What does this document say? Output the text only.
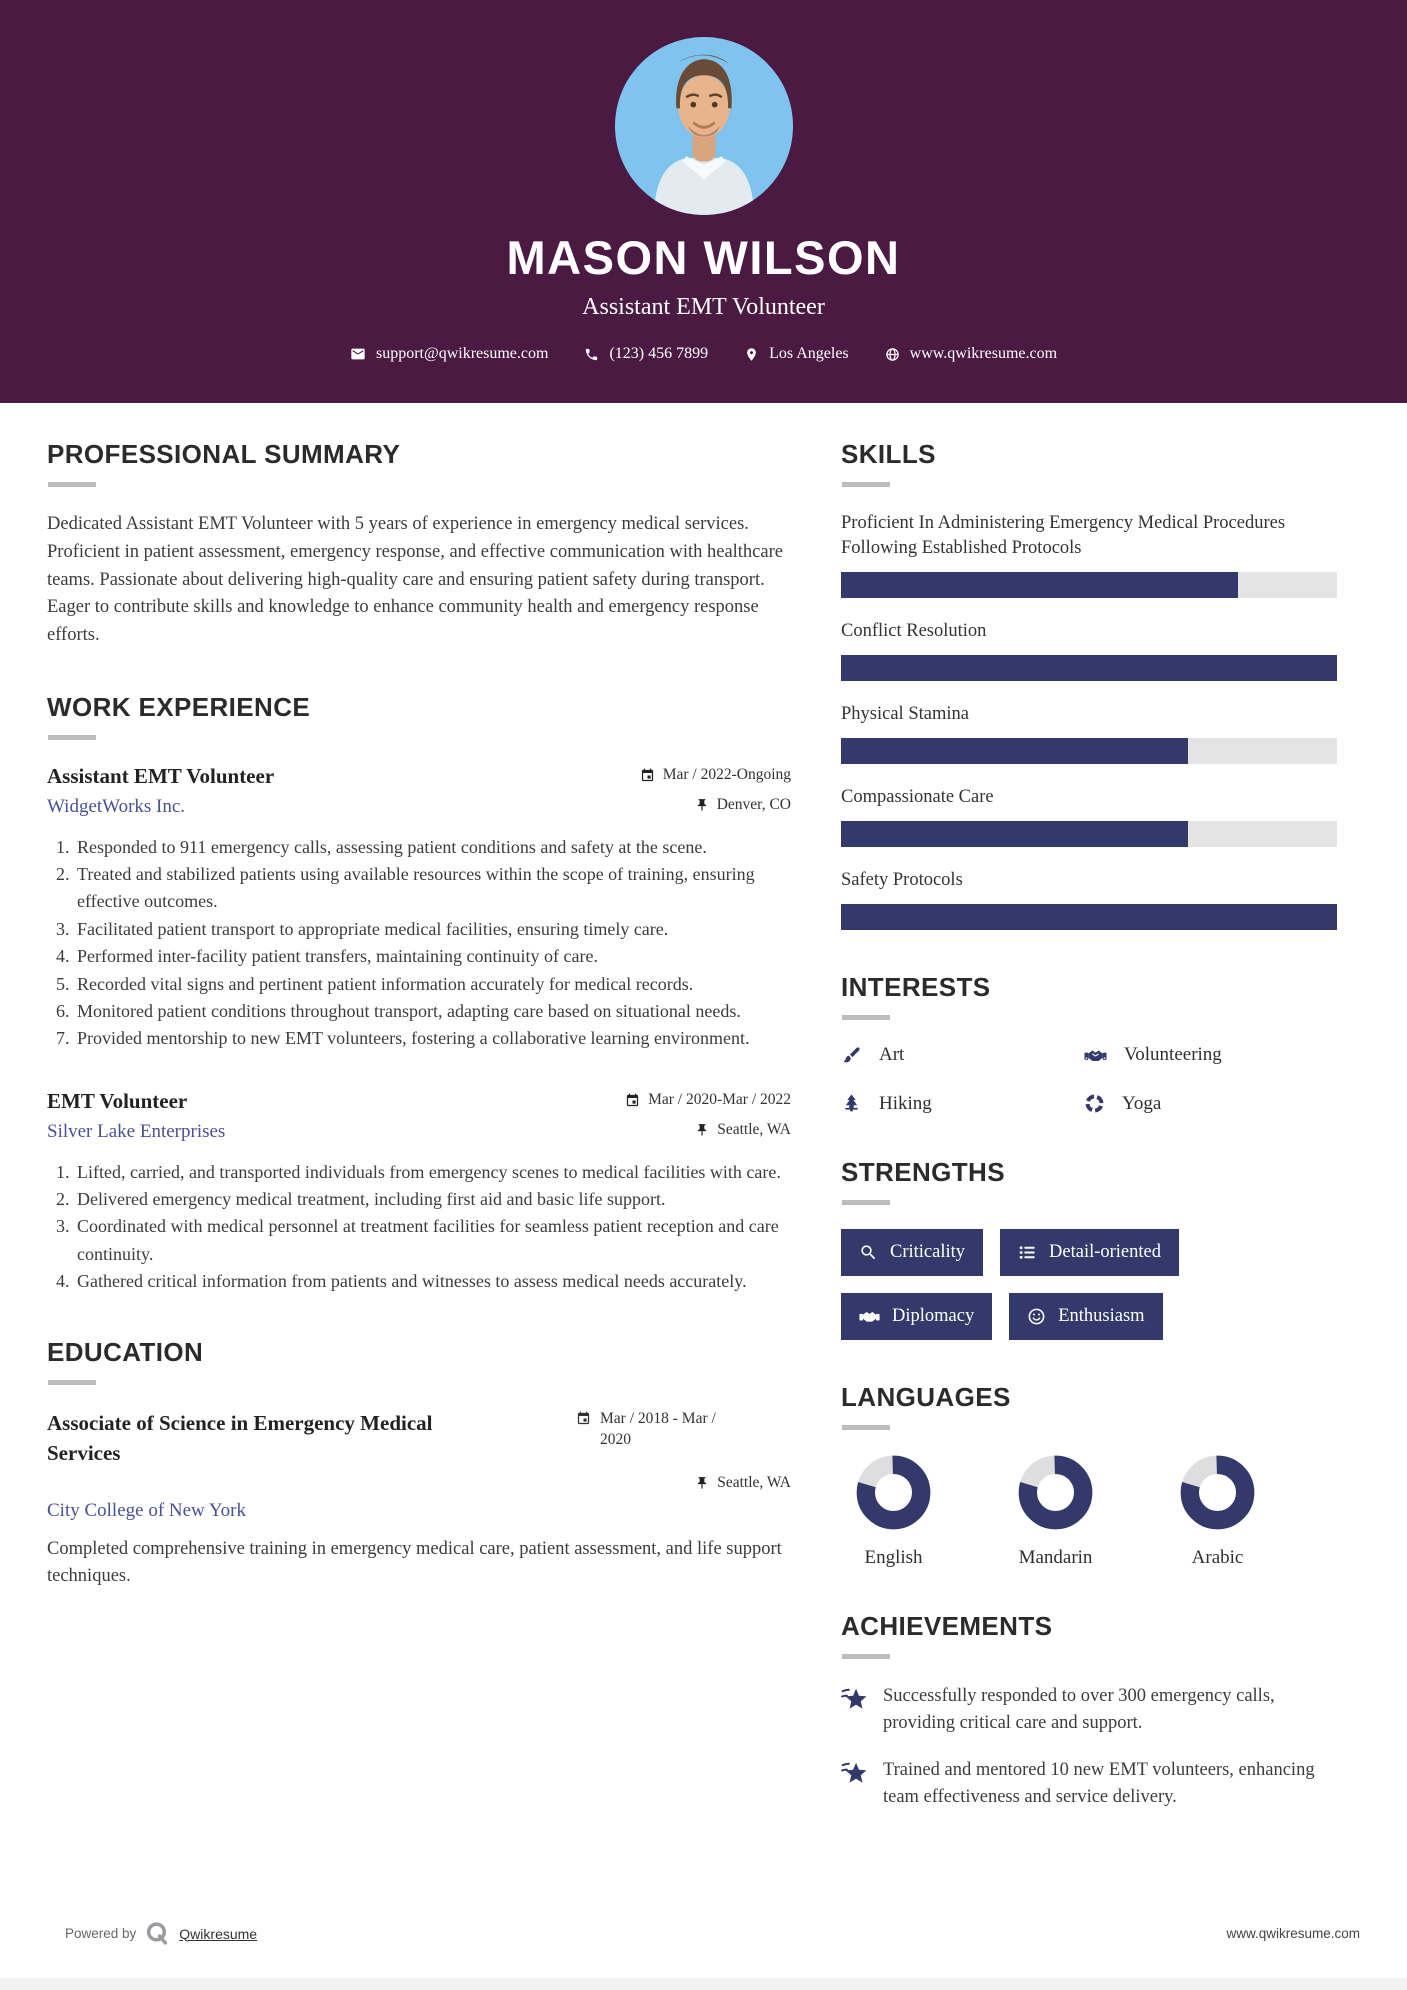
MASON WILSON
Assistant EMT Volunteer
support@qwikresume.com	(123) 456 7899	Los Angeles	www.qwikresume.com
PROFESSIONAL SUMMARY

Dedicated Assistant EMT Volunteer with 5 years of experience in emergency medical services. Proficient in patient assessment, emergency response, and effective communication with healthcare teams. Passionate about delivering high-quality care and ensuring patient safety during transport. Eager to contribute skills and knowledge to enhance community health and emergency response efforts.

WORK EXPERIENCE
Assistant EMT Volunteer	Mar / 2022-Ongoing
WidgetWorks Inc.	Denver, CO
1. Responded to 911 emergency calls, assessing patient conditions and safety at the scene.
2. Treated and stabilized patients using available resources within the scope of training, ensuring effective outcomes.
3. Facilitated patient transport to appropriate medical facilities, ensuring timely care.
4. Performed inter-facility patient transfers, maintaining continuity of care.
5. Recorded vital signs and pertinent patient information accurately for medical records.
6. Monitored patient conditions throughout transport, adapting care based on situational needs.
7. Provided mentorship to new EMT volunteers, fostering a collaborative learning environment.
EMT Volunteer	Mar / 2020-Mar / 2022
Silver Lake Enterprises	Seattle, WA
1. Lifted, carried, and transported individuals from emergency scenes to medical facilities with care.
2. Delivered emergency medical treatment, including first aid and basic life support.
3. Coordinated with medical personnel at treatment facilities for seamless patient reception and care continuity.
4. Gathered critical information from patients and witnesses to assess medical needs accurately.
EDUCATION
Associate of Science in Emergency Medical Services
Mar / 2018 - Mar / 2020
Seattle, WA
City College of New York

Completed comprehensive training in emergency medical care, patient assessment, and life support techniques.

SKILLS
Proficient In Administering Emergency Medical Procedures Following Established Protocols
Conflict Resolution
Physical Stamina
Compassionate Care
Safety Protocols
INTERESTS
Art	Volunteering
Hiking	Yoga
STRENGTHS
Criticality	Detail-oriented
Diplomacy	Enthusiasm
LANGUAGES
English	Mandarin	Arabic
ACHIEVEMENTS
Successfully responded to over 300 emergency calls, providing critical care and support.
Trained and mentored 10 new EMT volunteers, enhancing team effectiveness and service delivery.
Powered by	Qwikresume	www.qwikresume.com
